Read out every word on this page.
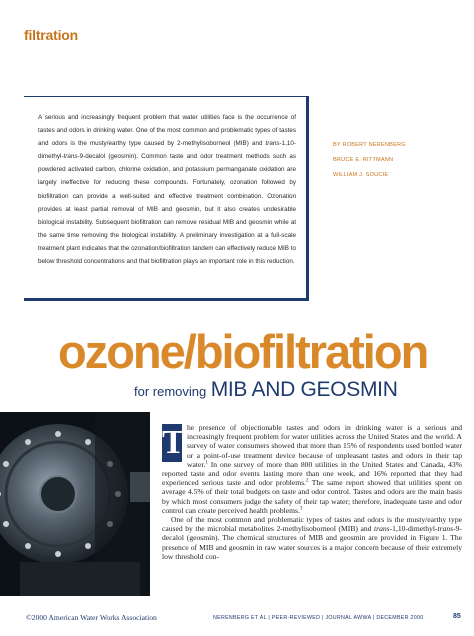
filtration

A serious and increasingly frequent problem that water utilities face is the occurrence of tastes and odors in drinking water. One of the most common and problematic types of tastes and odors is the musty/earthy type caused by 2-methylisoborneol (MIB) and trans-1,10-dimethyl-trans-9-decalol (geosmin). Common taste and odor treatment methods such as powdered activated carbon, chlorine oxidation, and potassium permanganate oxidation are largely ineffective for reducing these compounds. Fortunately, ozonation followed by biofiltration can provide a well-suited and effective treatment combination. Ozonation provides at least partial removal of MIB and geosmin, but it also creates undesirable biological instability. Subsequent biofiltration can remove residual MIB and geosmin while at the same time removing the biological instability. A preliminary investigation at a full-scale treatment plant indicates that the ozonation/biofiltration tandem can effectively reduce MIB to below threshold concentrations and that biofiltration plays an important role in this reduction.

BY ROBERT NERENBERG
BRUCE E. RITTMANN
WILLIAM J. SOUCIE
ozone/biofiltration
for removing MIB AND GEOSMIN

T he presence of objectionable tastes and odors in drinking water is a serious and increasingly frequent problem for water utilities across the United States and the world. A survey of water consumers showed that more than 15% of respondents used bottled water or a point-of-use treatment device because of unpleasant tastes and odors in their tap water.$^1$ In one survey of more than 800 utilities in the United States and Canada, 43% reported taste and odor events lasting more than one week, and 16% reported that they had experienced serious taste and odor problems.$^2$ The same report showed that utilities spent on average 4.5% of their total budgets on taste and odor control. Tastes and odors are the main basis by which most consumers judge the safety of their tap water; therefore, inadequate taste and odor control can create perceived health problems.$^3$

One of the most common and problematic types of tastes and odors is the musty/earthy type caused by the microbial metabolites 2-methylisoborneol (MIB) and trans-1,10-dimethyl-trans-9-decalol (geosmin). The chemical structures of MIB and geosmin are provided in Figure 1. The presence of MIB and geosmin in raw water sources is a major concern because of their extremely low threshold con-

©2000 American Water Works Association	NERENBERG ET AL | PEER-REVIEWED | JOURNAL AWWA | DECEMBER 2000	85
